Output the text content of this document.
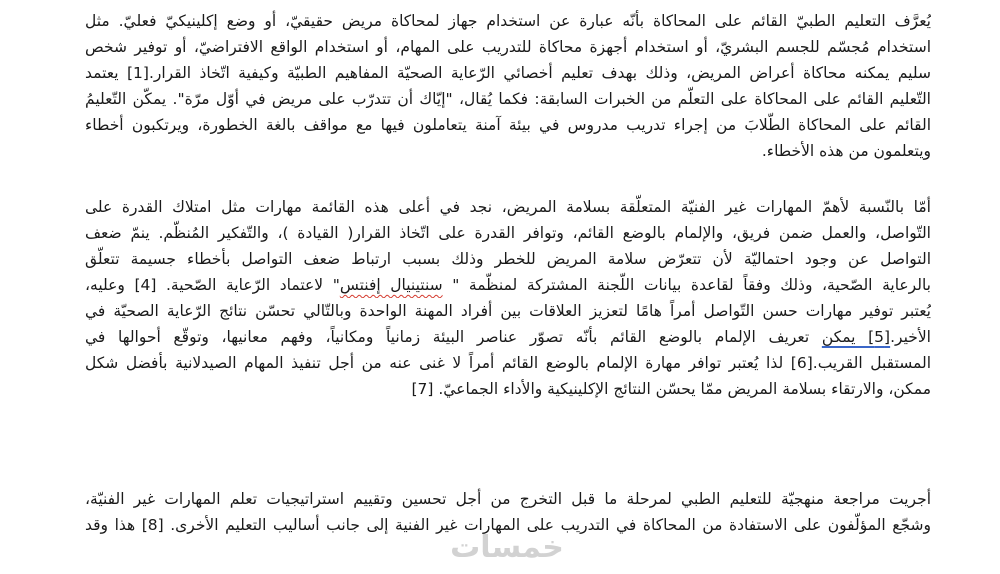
يُعرَّف التعليم الطبيّ القائم على المحاكاة بأنّه عبارة عن استخدام جهاز لمحاكاة مريض حقيقيّ، أو وضع إكلينيكيّ فعليّ. مثل
استخدام مُجسّم للجسم البشريّ، أو استخدام أجهزة محاكاة للتدريب على المهام، أو استخدام الواقع الافتراضيّ، أو توفير شخص
سليم يمكنه محاكاة أعراض المريض، وذلك بهدف تعليم أخصائي الرّعاية الصحيّة المفاهيم الطبيّة وكيفية اتّخاذ القرار.[1] يعتمد
التّعليم القائم على المحاكاة على التعلّم من الخبرات السابقة: فكما يُقال، "إيّاك أن تتدرّب على مريض في أوّل مرّة". يمكّن التّعليمُ
القائم على المحاكاة الطّلابَ من إجراء تدريب مدروس في بيئة آمنة يتعاملون فيها مع مواقف بالغة الخطورة، ويرتكبون أخطاء
ويتعلمون من هذه الأخطاء.
أمّا بالنّسبة لأهمّ المهارات غير الفنيّة المتعلّقة بسلامة المريض، نجد في أعلى هذه القائمة مهارات مثل امتلاك القدرة على
التّواصل، والعمل ضمن فريق، والإلمام بالوضع القائم، وتوافر القدرة على اتّخاذ القرار⁦)⁩ القيادة ⁦(⁩، والتّفكير المُنظّم. ينمّ ضعف
التواصل عن وجود احتماليّة لأن تتعرّض سلامة المريض للخطر وذلك بسبب ارتباط ضعف التواصل بأخطاء جسيمة تتعلّق
بالرعاية الصّحية، وذلك وفقاً لقاعدة بيانات اللّجنة المشتركة لمنظّمة " سنتينيال إفنتس" لاعتماد الرّعاية الصّحية. [4] وعليه،
يُعتبر توفير مهارات حسن التّواصل أمراً هامًا لتعزيز العلاقات بين أفراد المهنة الواحدة وبالتّالي تحسّن نتائج الرّعاية الصحيّة في
الأخير.[5] يمكن تعريف الإلمام بالوضع القائم بأنّه تصوّر عناصر البيئة زمانياً ومكانياً، وفهم معانيها، وتوقّع أحوالها في
المستقبل القريب.[6] لذا يُعتبر توافر مهارة الإلمام بالوضع القائم أمراً لا غنى عنه من أجل تنفيذ المهام الصيدلانية بأفضل شكل
ممكن، والارتقاء بسلامة المريض ممّا يحسّن النتائج الإكلينيكية والأداء الجماعيّ. [7]
أجريت مراجعة منهجيّة للتعليم الطبي لمرحلة ما قبل التخرج من أجل تحسين وتقييم استراتيجيات تعلم المهارات غير الفنيّة،
وشجّع المؤلّفون على الاستفادة من المحاكاة في التدريب على المهارات غير الفنية إلى جانب أساليب التعليم الأخرى. [8] هذا وقد
خمسات
